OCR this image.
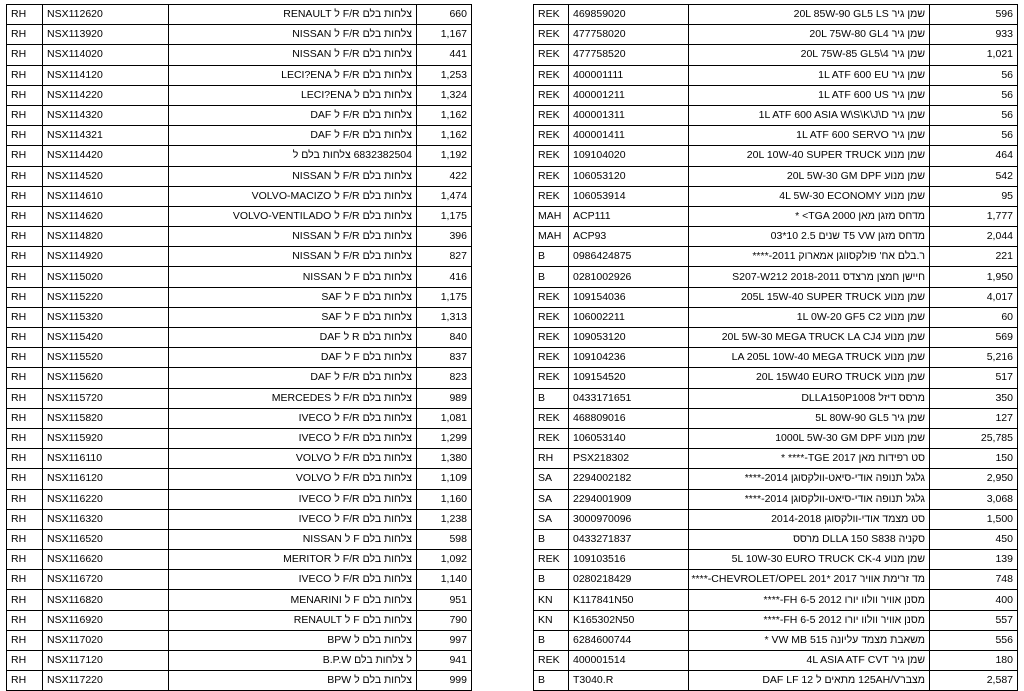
RH	NSX112620	RENAULT ל F/R צלחות בלם	660
RH	NSX113920	NISSAN ל F/R צלחות בלם	1,167
RH	NSX114020	NISSAN ל F/R צלחות בלם	441
RH	NSX114120	LECI?ENA ל F/R צלחות בלם	1,253
RH	NSX114220	LECI?ENA צלחות בלם ל	1,324
RH	NSX114320	DAF ל F/R צלחות בלם	1,162
RH	NSX114321	DAF ל F/R צלחות בלם	1,162
RH	NSX114420	6832382504 צלחות בלם ל	1,192
RH	NSX114520	NISSAN ל F/R צלחות בלם	422
RH	NSX114610	VOLVO-MACIZO ל F/R צלחות בלם	1,474
RH	NSX114620	VOLVO-VENTILADO ל F/R צלחות בלם	1,175
RH	NSX114820	NISSAN ל F/R צלחות בלם	396
RH	NSX114920	NISSAN ל F/R צלחות בלם	827
RH	NSX115020	NISSAN ל F צלחות בלם	416
RH	NSX115220	SAF ל F צלחות בלם	1,175
RH	NSX115320	SAF ל F צלחות בלם	1,313
RH	NSX115420	DAF ל R צלחות בלם	840
RH	NSX115520	DAF ל F צלחות בלם	837
RH	NSX115620	DAF ל F/R צלחות בלם	823
RH	NSX115720	MERCEDES ל F/R צלחות בלם	989
RH	NSX115820	IVECO ל F/R צלחות בלם	1,081
RH	NSX115920	IVECO ל F/R צלחות בלם	1,299
RH	NSX116110	VOLVO ל F/R צלחות בלם	1,380
RH	NSX116120	VOLVO ל F/R צלחות בלם	1,109
RH	NSX116220	IVECO ל F/R צלחות בלם	1,160
RH	NSX116320	IVECO ל F/R צלחות בלם	1,238
RH	NSX116520	NISSAN ל F צלחות בלם	598
RH	NSX116620	MERITOR ל F/R צלחות בלם	1,092
RH	NSX116720	IVECO ל F/R צלחות בלם	1,140
RH	NSX116820	MENARINI ל F צלחות בלם	951
RH	NSX116920	RENAULT ל F צלחות בלם	790
RH	NSX117020	BPW צלחות בלם ל	997
RH	NSX117120	B.P.W ל צלחות בלם	941
RH	NSX117220	BPW צלחות בלם ל	999
REK	469859020	שמן גיר 20L 85W-90 GL5 LS	596
REK	477758020	שמן גיר 20L 75W-80 GL4	933
REK	477758520	שמן גיר 20L 75W-85 GL5\4	1,021
REK	400001111	שמן גיר 1L ATF 600 EU	56
REK	400001211	שמן גיר 1L ATF 600 US	56
REK	400001311	שמן גיר 1L ATF 600 ASIA W\S\K\J\D	56
REK	400001411	שמן גיר 1L ATF 600 SERVO	56
REK	109104020	שמן מנוע 20L 10W-40 SUPER TRUCK	464
REK	106053120	שמן מנוע 20L 5W-30 GM DPF	542
REK	106053914	שמן מנוע 4L 5W-30 ECONOMY	95
MAH	ACP111	מדחס מזגן מאן TGA 2000> *	1,777
MAH	ACP93	מדחס מזגן T5 VW שנים 2.5 10*03	2,044
B	0986424875	ר.בלם אח' פולקסווגן אמארוק 2011-****	221
B	0281002926	חיישן חמצן מרצדס S207-W212 2018-2011	1,950
REK	109154036	שמן מנוע 205L 15W-40 SUPER TRUCK	4,017
REK	106002211	שמן מנוע 1L 0W-20 GF5 C2	60
REK	109053120	שמן מנוע 20L 5W-30 MEGA TRUCK LA CJ4	569
REK	109104236	שמן מנוע LA 205L 10W-40 MEGA TRUCK	5,216
REK	109154520	שמן מנוע 20L 15W40 EURO TRUCK	517
B	0433171651	מרסס דיזל DLLA150P1008	350
REK	468809016	שמן גיר 5L 80W-90 GL5	127
REK	106053140	שמן מנוע 1000L 5W-30 GM DPF	25,785
RH	PSX218302	סט רפידות מאן TGE 2017-**** *	150
SA	2294002182	גלגל תנופה אודי-סיאט-וולקסוגן 2014-****	2,950
SA	2294001909	גלגל תנופה אודי-סיאט-וולקסוגן 2014-****	3,068
SA	3000970096	סט מצמד אודי-וולקסוגן 2014-2018	1,500
B	0433271837	סקניה DLLA 150 S838 מרסס	450
REK	109103516	שמן מנוע 5L 10W-30 EURO TRUCK CK-4	139
B	0280218429	מד זרימת אוויר CHEVROLET/OPEL 201* 2017-****	748
KN	K117841N50	מסנן אוויר וולוו יורו FH 6-5 2012-****	400
KN	K165302N50	מסנן אוויר וולוו יורו FH 6-5 2012-****	557
B	6284600744	משאבת מצמד עליונה VW MB 515 *	556
REK	400001514	שמן גיר 4L ASIA ATF CVT	180
B	T3040.R	מצבר125AH/V מתאים ל DAF LF 12	2,587
